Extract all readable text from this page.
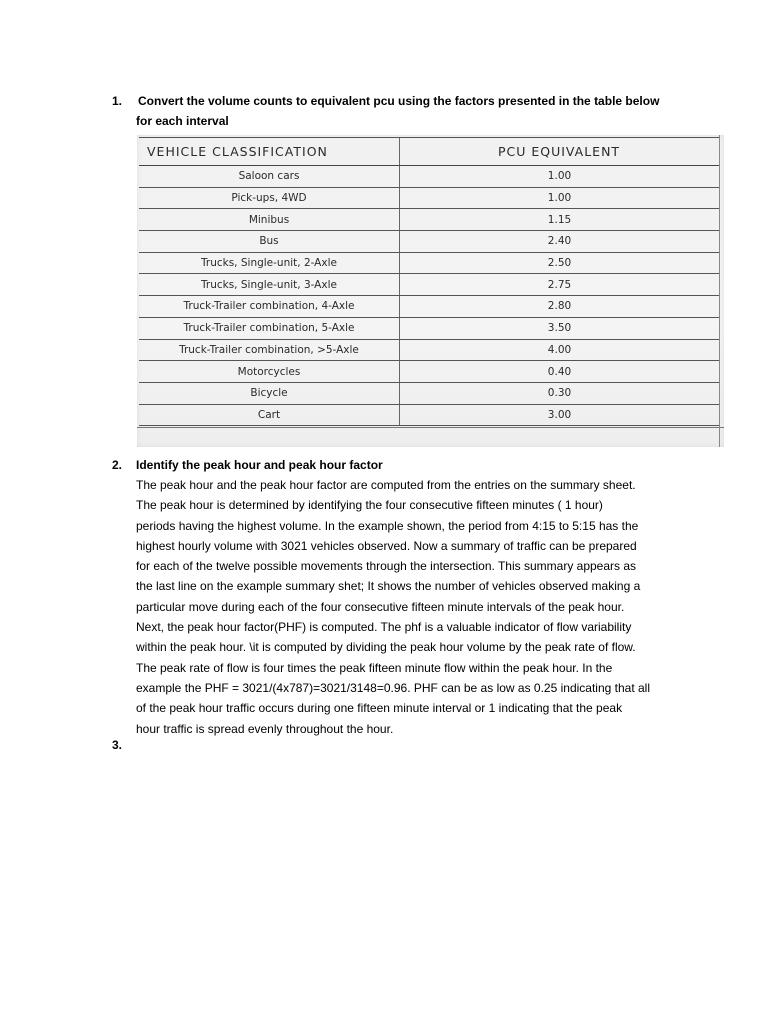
1. Convert the volume counts to equivalent pcu using the factors presented in the table below
for each interval
VEHICLE CLASSIFICATION	PCU EQUIVALENT
Saloon cars	1.00
Pick-ups, 4WD	1.00
Minibus	1.15
Bus	2.40
Trucks, Single-unit, 2-Axle	2.50
Trucks, Single-unit, 3-Axle	2.75
Truck-Trailer combination, 4-Axle	2.80
Truck-Trailer combination, 5-Axle	3.50
Truck-Trailer combination, >5-Axle	4.00
Motorcycles	0.40
Bicycle	0.30
Cart	3.00
2.	Identify the peak hour and peak hour factor
The peak hour and the peak hour factor are computed from the entries on the summary sheet.
The peak hour is determined by identifying the four consecutive fifteen minutes ( 1 hour)
periods having the highest volume. In the example shown, the period from 4:15 to 5:15 has the
highest hourly volume with 3021 vehicles observed. Now a summary of traffic can be prepared
for each of the twelve possible movements through the intersection. This summary appears as
the last line on the example summary shet; It shows the number of vehicles observed making a
particular move during each of the four consecutive fifteen minute intervals of the peak hour.
Next, the peak hour factor(PHF) is computed. The phf is a valuable indicator of flow variability
within the peak hour. \it is computed by dividing the peak hour volume by the peak rate of flow.
The peak rate of flow is four times the peak fifteen minute flow within the peak hour. In the
example the PHF = 3021/(4x787)=3021/3148=0.96. PHF can be as low as 0.25 indicating that all
of the peak hour traffic occurs during one fifteen minute interval or 1 indicating that the peak
hour traffic is spread evenly throughout the hour.
3.
